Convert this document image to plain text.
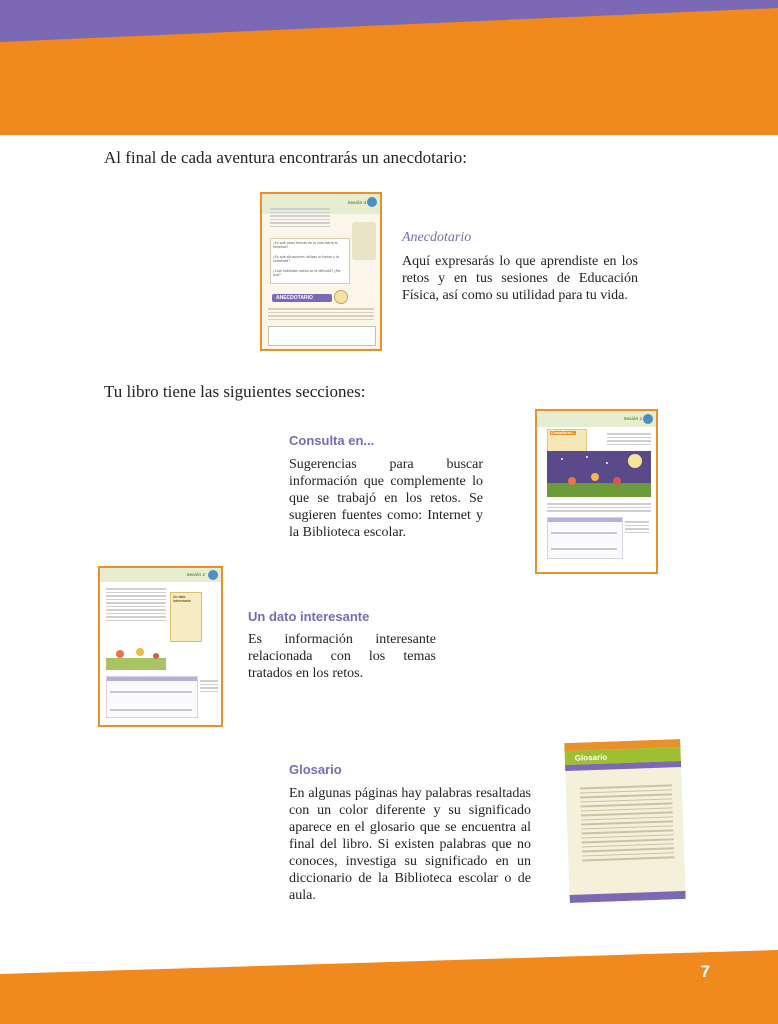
Al final de cada aventura encontrarás un anecdotario:
Sesión 4
¿En qué otras formas de la vida diaria lo empleas?
¿En qué situaciones utilizas la fuerza y la velocidad?
¿Cuál habilidad motriz se te dificultó? ¿Por qué?
ANECDOTARIO
Anecdotario
Aquí expresarás lo que aprendiste en los retos y en tus sesiones de Educación Física, así como su utilidad para tu vida.
Tu libro tiene las siguientes secciones:
Consulta en...
Sugerencias para buscar información que complemente lo que se trabajó en los retos. Se sugieren fuentes como: Internet y la Biblioteca escolar.
Sesión 1
Consulta en...
Sesión 2
Un dato interesante
Un dato interesante
Es información interesante relacionada con los temas tratados en los retos.
Glosario
En algunas páginas hay palabras resaltadas con un color diferente y su significado aparece en el glosario que se encuentra al final del libro. Si existen palabras que no conoces, investiga su significado en un diccionario de la Biblioteca escolar o de aula.
Glosario
7
